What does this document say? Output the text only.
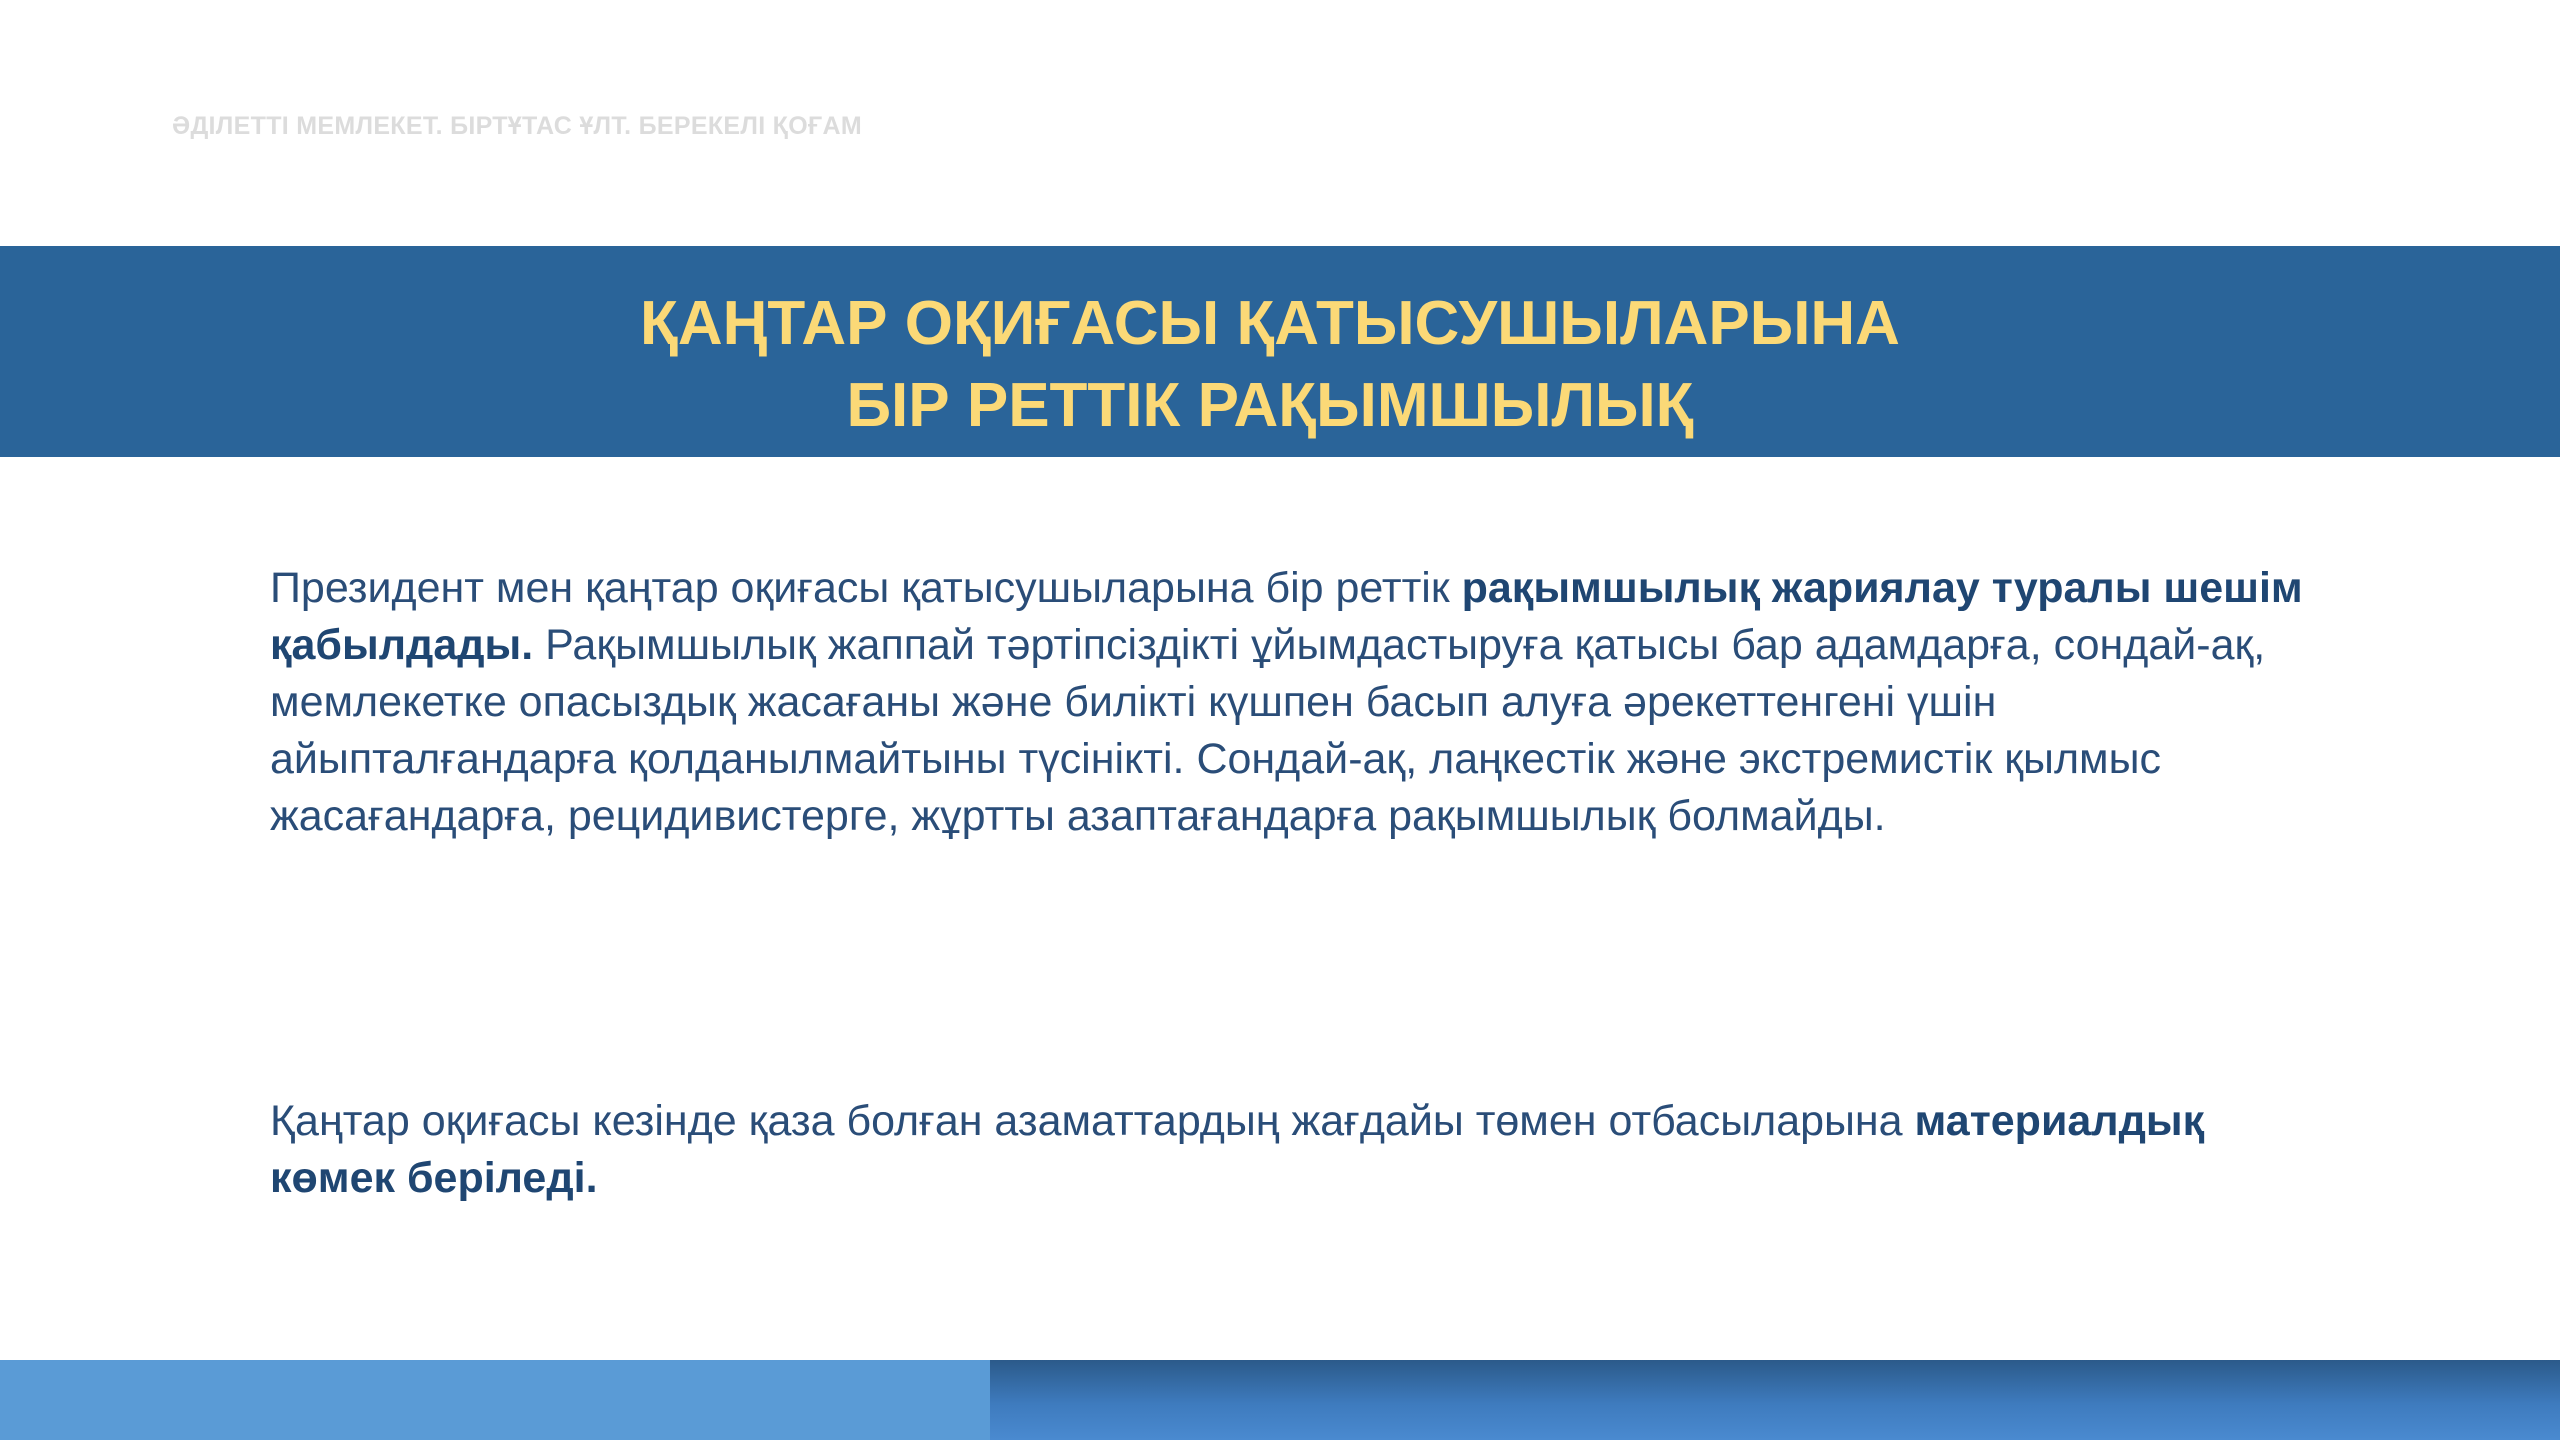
ӘДІЛЕТТІ МЕМЛЕКЕТ. БІРТҰТАС ҰЛТ. БЕРЕКЕЛІ ҚОҒАМ
ҚАҢТАР ОҚИҒАСЫ ҚАТЫСУШЫЛАРЫНА
БІР РЕТТІК РАҚЫМШЫЛЫҚ
Президент мен қаңтар оқиғасы қатысушыларына бір реттік рақымшылық жариялау туралы шешім қабылдады. Рақымшылық жаппай тәртіпсіздікті ұйымдастыруға қатысы бар адамдарға, сондай-ақ, мемлекетке опасыздық жасағаны және билікті күшпен басып алуға әрекеттенгені үшін айыпталғандарға қолданылмайтыны түсінікті. Сондай-ақ, лаңкестік және экстремистік қылмыс жасағандарға, рецидивистерге, жұртты азаптағандарға рақымшылық болмайды.
Қаңтар оқиғасы кезінде қаза болған азаматтардың жағдайы төмен отбасыларына материалдық көмек беріледі.
